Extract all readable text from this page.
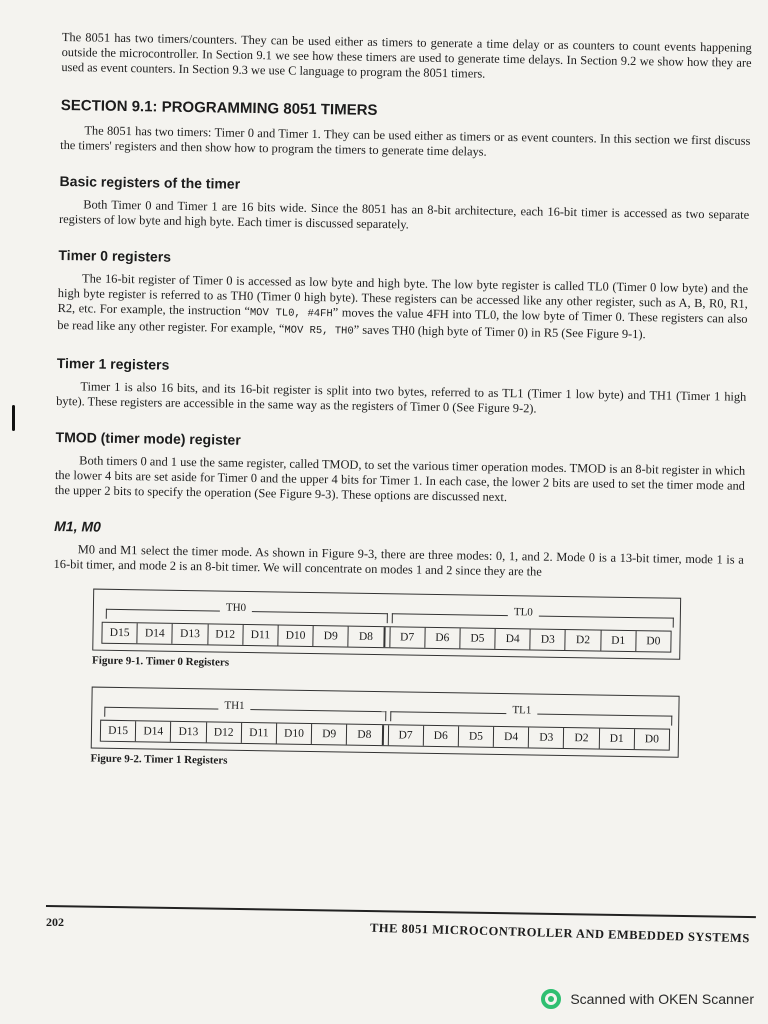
The 8051 has two timers/counters. They can be used either as timers to generate a time delay or as counters to count events happening outside the microcontroller. In Section 9.1 we see how these timers are used to generate time delays. In Section 9.2 we show how they are used as event counters. In Section 9.3 we use C language to program the 8051 timers.

SECTION 9.1: PROGRAMMING 8051 TIMERS

The 8051 has two timers: Timer 0 and Timer 1. They can be used either as timers or as event counters. In this section we first discuss the timers' registers and then show how to program the timers to generate time delays.

Basic registers of the timer

Both Timer 0 and Timer 1 are 16 bits wide. Since the 8051 has an 8-bit architecture, each 16-bit timer is accessed as two separate registers of low byte and high byte. Each timer is discussed separately.

Timer 0 registers

The 16-bit register of Timer 0 is accessed as low byte and high byte. The low byte register is called TL0 (Timer 0 low byte) and the high byte register is referred to as TH0 (Timer 0 high byte). These registers can be accessed like any other register, such as A, B, R0, R1, R2, etc. For example, the instruction “MOV TL0, #4FH” moves the value 4FH into TL0, the low byte of Timer 0. These registers can also be read like any other register. For example, “MOV R5, TH0” saves TH0 (high byte of Timer 0) in R5 (See Figure 9-1).

Timer 1 registers

Timer 1 is also 16 bits, and its 16-bit register is split into two bytes, referred to as TL1 (Timer 1 low byte) and TH1 (Timer 1 high byte). These registers are accessible in the same way as the registers of Timer 0 (See Figure 9-2).

TMOD (timer mode) register

Both timers 0 and 1 use the same register, called TMOD, to set the various timer operation modes. TMOD is an 8-bit register in which the lower 4 bits are set aside for Timer 0 and the upper 4 bits for Timer 1. In each case, the lower 2 bits are used to set the timer mode and the upper 2 bits to specify the operation (See Figure 9-3). These options are discussed next.

M1, M0

M0 and M1 select the timer mode. As shown in Figure 9-3, there are three modes: 0, 1, and 2. Mode 0 is a 13-bit timer, mode 1 is a 16-bit timer, and mode 2 is an 8-bit timer. We will concentrate on modes 1 and 2 since they are the

TH0	TL0
D15	D14	D13	D12	D11	D10	D9	D8	D7	D6	D5	D4	D3	D2	D1	D0
Figure 9-1. Timer 0 Registers
TH1	TL1
D15	D14	D13	D12	D11	D10	D9	D8	D7	D6	D5	D4	D3	D2	D1	D0
Figure 9-2. Timer 1 Registers
202	THE 8051 MICROCONTROLLER AND EMBEDDED SYSTEMS
Scanned with OKEN Scanner
